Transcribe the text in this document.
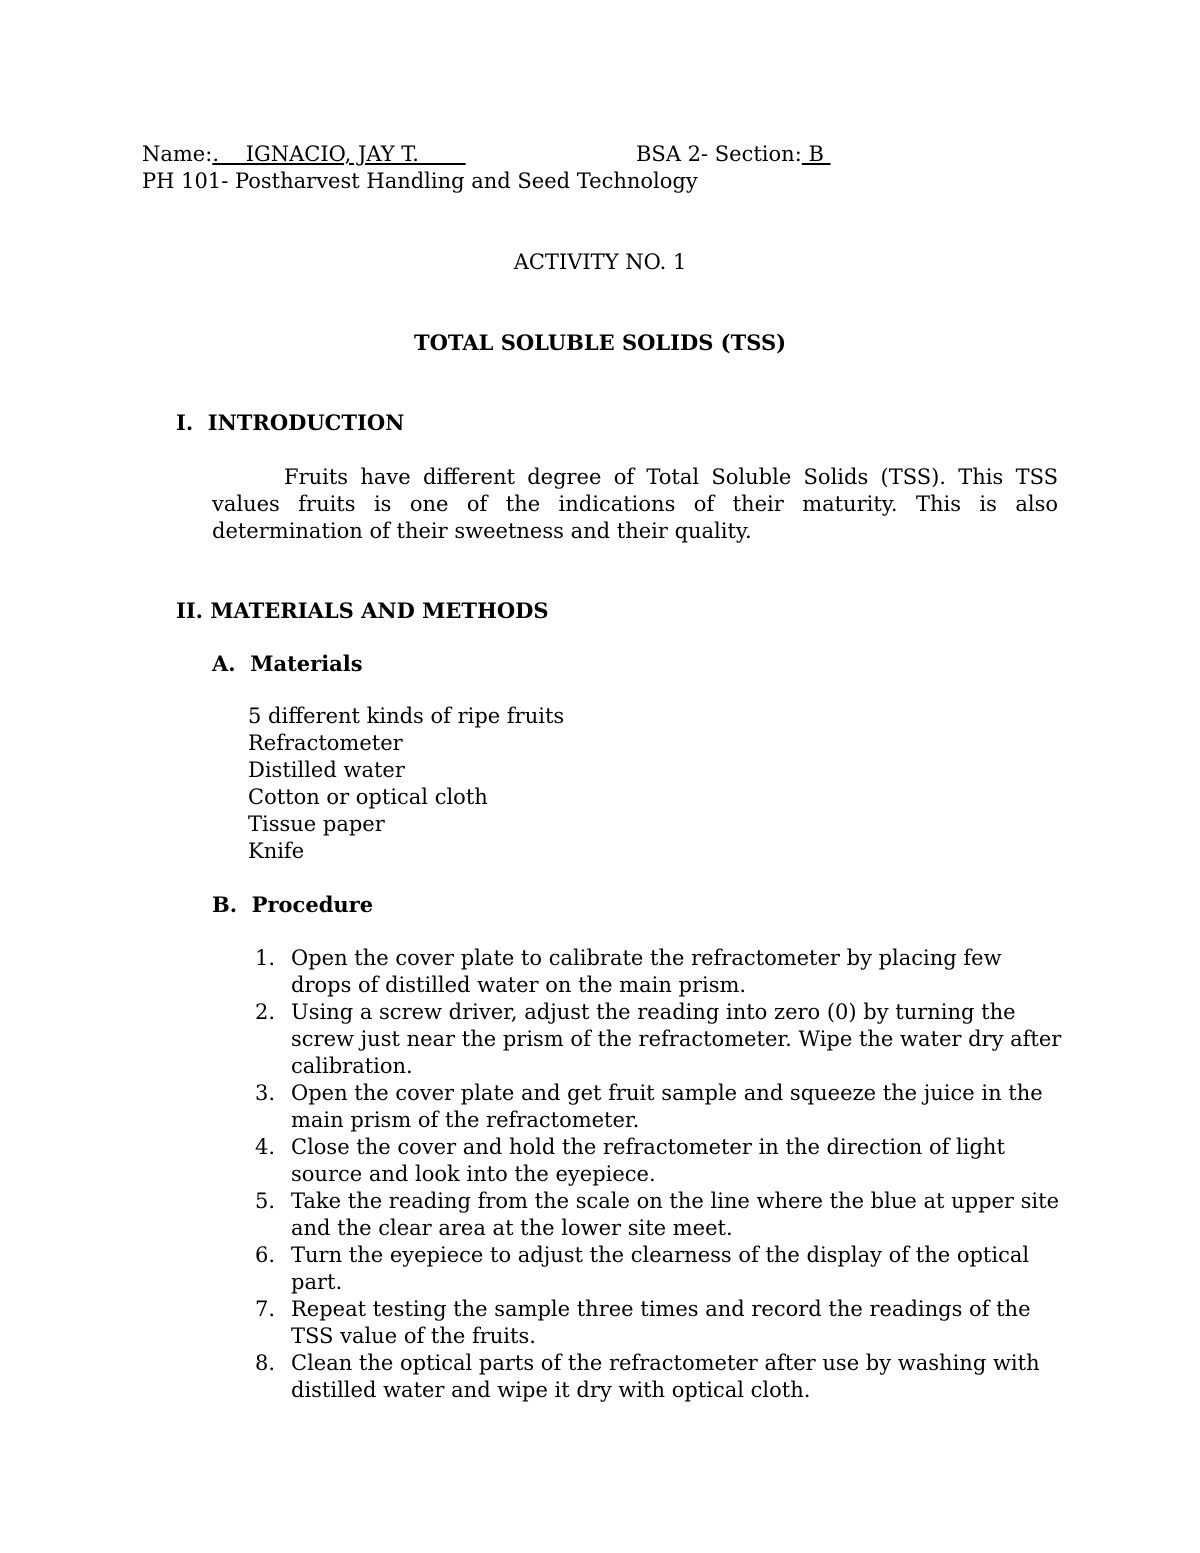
Name:.    IGNACIO, JAY T.	BSA 2- Section: B
PH 101- Postharvest Handling and Seed Technology
ACTIVITY NO. 1
TOTAL SOLUBLE SOLIDS (TSS)
I.  INTRODUCTION
Fruits have different degree of Total Soluble Solids (TSS). This TSS values fruits is one of the indications of their maturity. This is also determination of their sweetness and their quality.
II. MATERIALS AND METHODS
A.  Materials
5 different kinds of ripe fruits
Refractometer
Distilled water
Cotton or optical cloth
Tissue paper
Knife
B.  Procedure
1. Open the cover plate to calibrate the refractometer by placing few drops of distilled water on the main prism.
2. Using a screw driver, adjust the reading into zero (0) by turning the screw just near the prism of the refractometer. Wipe the water dry after calibration.
3. Open the cover plate and get fruit sample and squeeze the juice in the main prism of the refractometer.
4. Close the cover and hold the refractometer in the direction of light source and look into the eyepiece.
5. Take the reading from the scale on the line where the blue at upper site and the clear area at the lower site meet.
6. Turn the eyepiece to adjust the clearness of the display of the optical part.
7. Repeat testing the sample three times and record the readings of the TSS value of the fruits.
8. Clean the optical parts of the refractometer after use by washing with distilled water and wipe it dry with optical cloth.
